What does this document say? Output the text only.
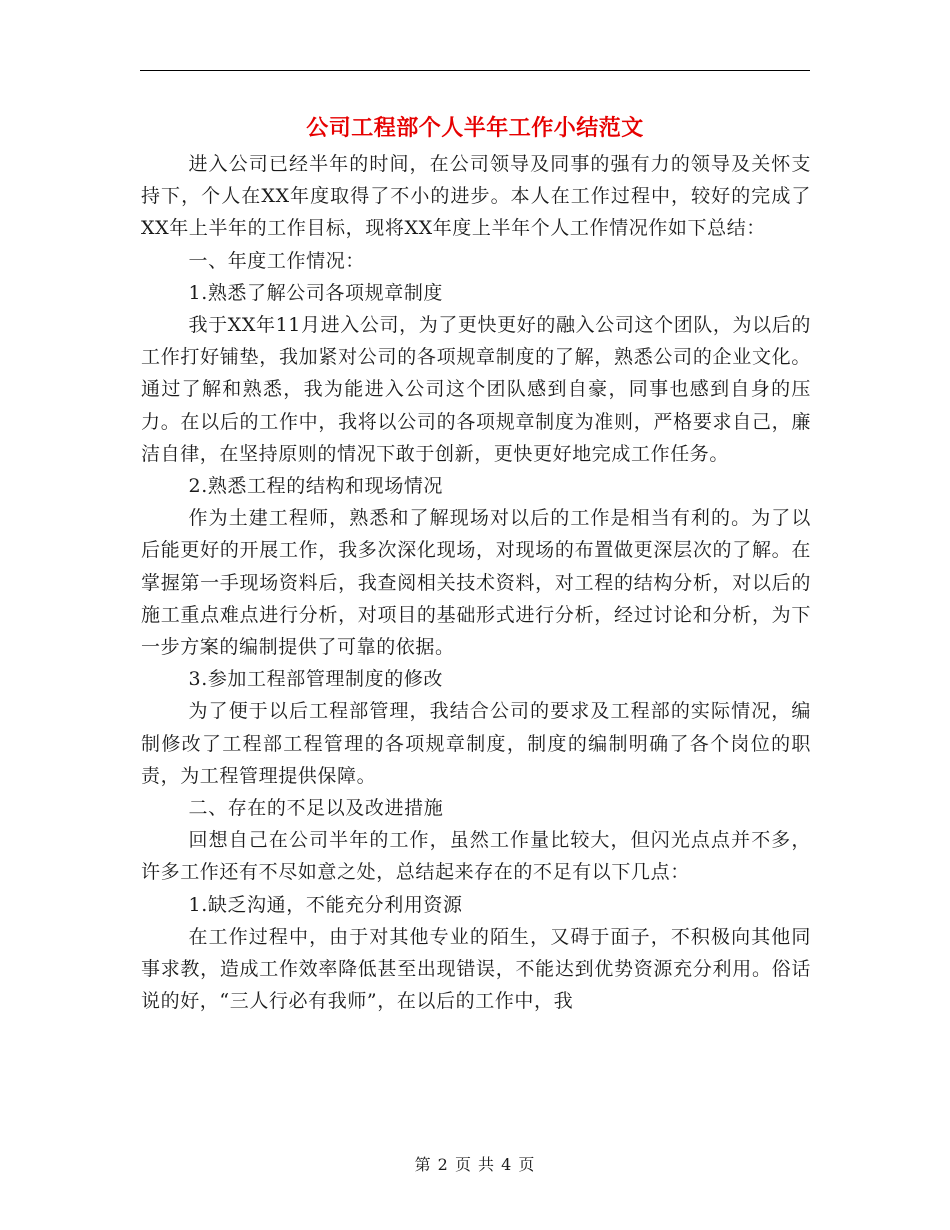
公司工程部个人半年工作小结范文

进入公司已经半年的时间，在公司领导及同事的强有力的领导及关怀支持下，个人在XX年度取得了不小的进步。本人在工作过程中，较好的完成了XX年上半年的工作目标，现将XX年度上半年个人工作情况作如下总结：

一、年度工作情况：

1.熟悉了解公司各项规章制度

我于XX年11月进入公司，为了更快更好的融入公司这个团队，为以后的工作打好铺垫，我加紧对公司的各项规章制度的了解，熟悉公司的企业文化。通过了解和熟悉，我为能进入公司这个团队感到自豪，同事也感到自身的压力。在以后的工作中，我将以公司的各项规章制度为准则，严格要求自己，廉洁自律，在坚持原则的情况下敢于创新，更快更好地完成工作任务。

2.熟悉工程的结构和现场情况

作为土建工程师，熟悉和了解现场对以后的工作是相当有利的。为了以后能更好的开展工作，我多次深化现场，对现场的布置做更深层次的了解。在掌握第一手现场资料后，我查阅相关技术资料，对工程的结构分析，对以后的施工重点难点进行分析，对项目的基础形式进行分析，经过讨论和分析，为下一步方案的编制提供了可靠的依据。

3.参加工程部管理制度的修改

为了便于以后工程部管理，我结合公司的要求及工程部的实际情况，编制修改了工程部工程管理的各项规章制度，制度的编制明确了各个岗位的职责，为工程管理提供保障。

二、存在的不足以及改进措施

回想自己在公司半年的工作，虽然工作量比较大，但闪光点点并不多，许多工作还有不尽如意之处，总结起来存在的不足有以下几点：

1.缺乏沟通，不能充分利用资源

在工作过程中，由于对其他专业的陌生，又碍于面子，不积极向其他同事求教，造成工作效率降低甚至出现错误，不能达到优势资源充分利用。俗话说的好，“三人行必有我师”，在以后的工作中，我

第 2 页 共 4 页
